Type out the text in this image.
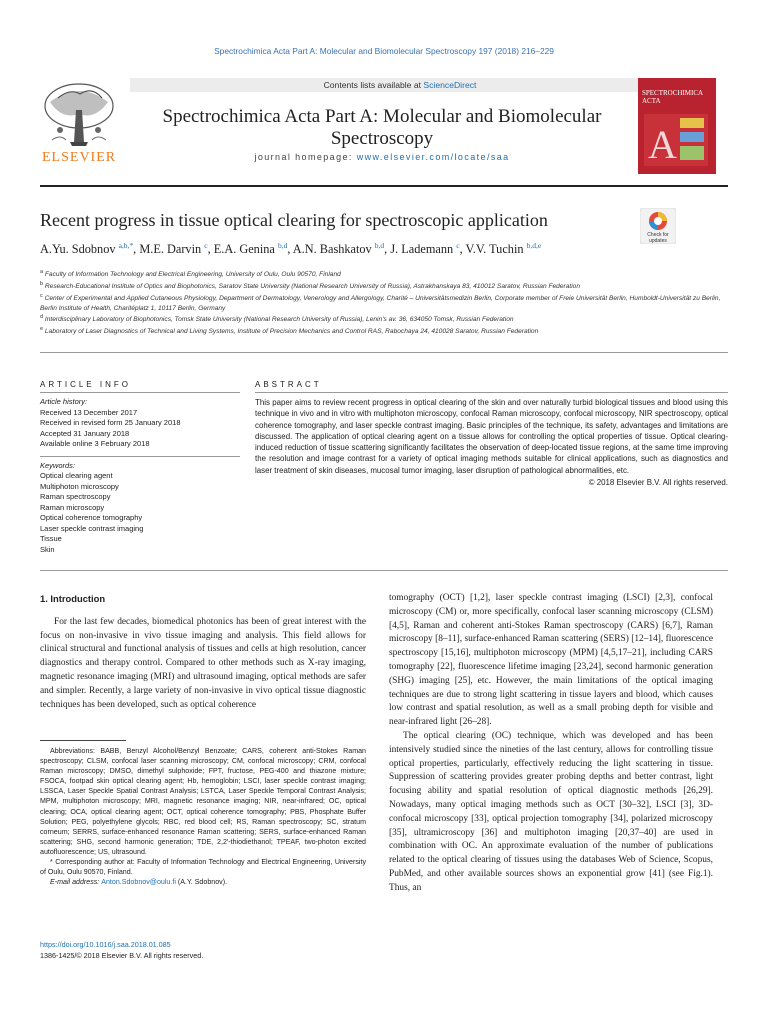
Spectrochimica Acta Part A: Molecular and Biomolecular Spectroscopy 197 (2018) 216–229
Contents lists available at ScienceDirect
ELSEVIER
Spectrochimica Acta Part A: Molecular and Biomolecular Spectroscopy
journal homepage: www.elsevier.com/locate/saa
SPECTROCHIMICA ACTA
A
Recent progress in tissue optical clearing for spectroscopic application
Check for updates
A.Yu. Sdobnov $^{a,b,*}$, M.E. Darvin $^c$, E.A. Genina $^{b,d}$, A.N. Bashkatov $^{b,d}$, J. Lademann $^c$, V.V. Tuchin $^{b,d,e}$
$^a$ Faculty of Information Technology and Electrical Engineering, University of Oulu, Oulu 90570, Finland
$^b$ Research-Educational Institute of Optics and Biophotonics, Saratov State University (National Research University of Russia), Astrakhanskaya 83, 410012 Saratov, Russian Federation
$^c$ Center of Experimental and Applied Cutaneous Physiology, Department of Dermatology, Venerology and Allergology, Charité – Universitätsmedizin Berlin, Corporate member of Freie Universität Berlin, Humboldt-Universität zu Berlin, Berlin Institute of Health, Charitéplatz 1, 10117 Berlin, Germany
$^d$ Interdisciplinary Laboratory of Biophotonics, Tomsk State University (National Research University of Russia), Lenin's av. 36, 634050 Tomsk, Russian Federation
$^e$ Laboratory of Laser Diagnostics of Technical and Living Systems, Institute of Precision Mechanics and Control RAS, Rabochaya 24, 410028 Saratov, Russian Federation
ARTICLE INFO
Article history:
Received 13 December 2017
Received in revised form 25 January 2018
Accepted 31 January 2018
Available online 3 February 2018
Keywords:
Optical clearing agent
Multiphoton microscopy
Raman spectroscopy
Raman microscopy
Optical coherence tomography
Laser speckle contrast imaging
Tissue
Skin
ABSTRACT
This paper aims to review recent progress in optical clearing of the skin and over naturally turbid biological tissues and blood using this technique in vivo and in vitro with multiphoton microscopy, confocal Raman microscopy, confocal microscopy, NIR spectroscopy, optical coherence tomography, and laser speckle contrast imaging. Basic principles of the technique, its safety, advantages and limitations are discussed. The application of optical clearing agent on a tissue allows for controlling the optical properties of tissue. Optical clearing-induced reduction of tissue scattering significantly facilitates the observation of deep-located tissue regions, at the same time improving the resolution and image contrast for a variety of optical imaging methods suitable for clinical applications, such as diagnostics and laser treatment of skin diseases, mucosal tumor imaging, laser disruption of pathological abnormalities, etc.
© 2018 Elsevier B.V. All rights reserved.
1. Introduction

For the last few decades, biomedical photonics has been of great interest with the focus on non-invasive in vivo tissue imaging and analysis. This field allows for clinical structural and functional analysis of tissues and cells at high resolution, cancer diagnostics and therapy control. Compared to other methods such as X-ray imaging, magnetic resonance imaging (MRI) and ultrasound imaging, optical methods are safer and simpler. Recently, a large variety of non-invasive in vivo optical tissue diagnostic techniques has been developed, such as optical coherence

tomography (OCT) [1,2], laser speckle contrast imaging (LSCI) [2,3], confocal microscopy (CM) or, more specifically, confocal laser scanning microscopy (CLSM) [4,5], Raman and coherent anti-Stokes Raman spectroscopy (CARS) [6,7], Raman microscopy [8–11], surface-enhanced Raman scattering (SERS) [12–14], fluorescence spectroscopy [15,16], multiphoton microscopy (MPM) [4,5,17–21], including CARS tomography [22], fluorescence lifetime imaging [23,24], second harmonic generation (SHG) imaging [25], etc. However, the main limitations of the optical imaging techniques are due to strong light scattering in tissue layers and blood, which causes low contrast and spatial resolution, as well as a small probing depth for visible and near-infrared light [26–28].

The optical clearing (OC) technique, which was developed and has been intensively studied since the nineties of the last century, allows for controlling tissue optical properties, particularly, effectively reducing the light scattering in tissue. Suppression of scattering provides greater probing depths and better contrast, light focusing ability and spatial resolution of optical diagnostic methods [26,29]. Nowadays, many optical imaging methods such as OCT [30–32], LSCI [3], 3D-confocal microscopy [33], optical projection tomography [34], polarized microscopy [35], ultramicroscopy [36] and multiphoton imaging [20,37–40] are used in combination with OC. An approximate evaluation of the number of publications related to the optical clearing of tissues using the databases Web of Science, Scopus, PubMed, and other available sources shows an exponential grow [41] (see Fig.1). Thus, an

Abbreviations: BABB, Benzyl Alcohol/Benzyl Benzoate; CARS, coherent anti-Stokes Raman spectroscopy; CLSM, confocal laser scanning microscopy; CM, confocal microscopy; CRM, confocal Raman microscopy; DMSO, dimethyl sulphoxide; FPT, fructose, PEG-400 and thiazone mixture; FSOCA, footpad skin optical clearing agent; Hb, hemoglobin; LSCI, laser speckle contrast imaging; LSSCA, Laser Speckle Spatial Contrast Analysis; LSTCA, Laser Speckle Temporal Contrast Analysis; MPM, multiphoton microscopy; MRI, magnetic resonance imaging; NIR, near-infrared; OC, optical clearing; OCA, optical clearing agent; OCT, optical coherence tomography; PBS, Phosphate Buffer Solution; PEG, polyethylene glycols; RBC, red blood cell; RS, Raman spectroscopy; SC, stratum corneum; SERRS, surface-enhanced resonance Raman scattering; SERS, surface-enhanced Raman scattering; SHG, second harmonic generation; TDE, 2,2′-thiodiethanol; TPEAF, two-photon excited autofluorescence; US, ultrasound.

* Corresponding author at: Faculty of Information Technology and Electrical Engineering, University of Oulu, Oulu 90570, Finland.

E-mail address: Anton.Sdobnov@oulu.fi (A.Y. Sdobnov).

https://doi.org/10.1016/j.saa.2018.01.085
1386-1425/© 2018 Elsevier B.V. All rights reserved.
